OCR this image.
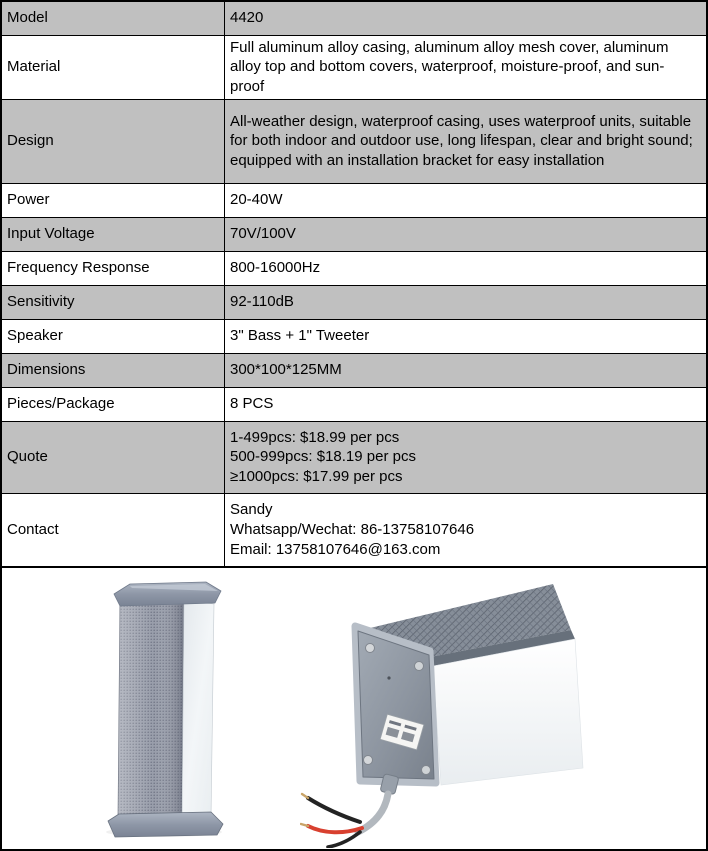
Model	4420
Material	Full aluminum alloy casing, aluminum alloy mesh cover, aluminum alloy top and bottom covers, waterproof, moisture-proof, and sun-proof
Design	All-weather design, waterproof casing, uses waterproof units, suitable for both indoor and outdoor use, long lifespan, clear and bright sound; equipped with an installation bracket for easy installation
Power	20-40W
Input Voltage	70V/100V
Frequency Response	800-16000Hz
Sensitivity	92-110dB
Speaker	3" Bass + 1" Tweeter
Dimensions	300*100*125MM
Pieces/Package	8 PCS
Quote	1-499pcs: $18.99 per pcs
500-999pcs: $18.19 per pcs
≥1000pcs: $17.99 per pcs

Contact	Sandy
Whatsapp/Wechat: 86-13758107646
Email: 13758107646@163.com
